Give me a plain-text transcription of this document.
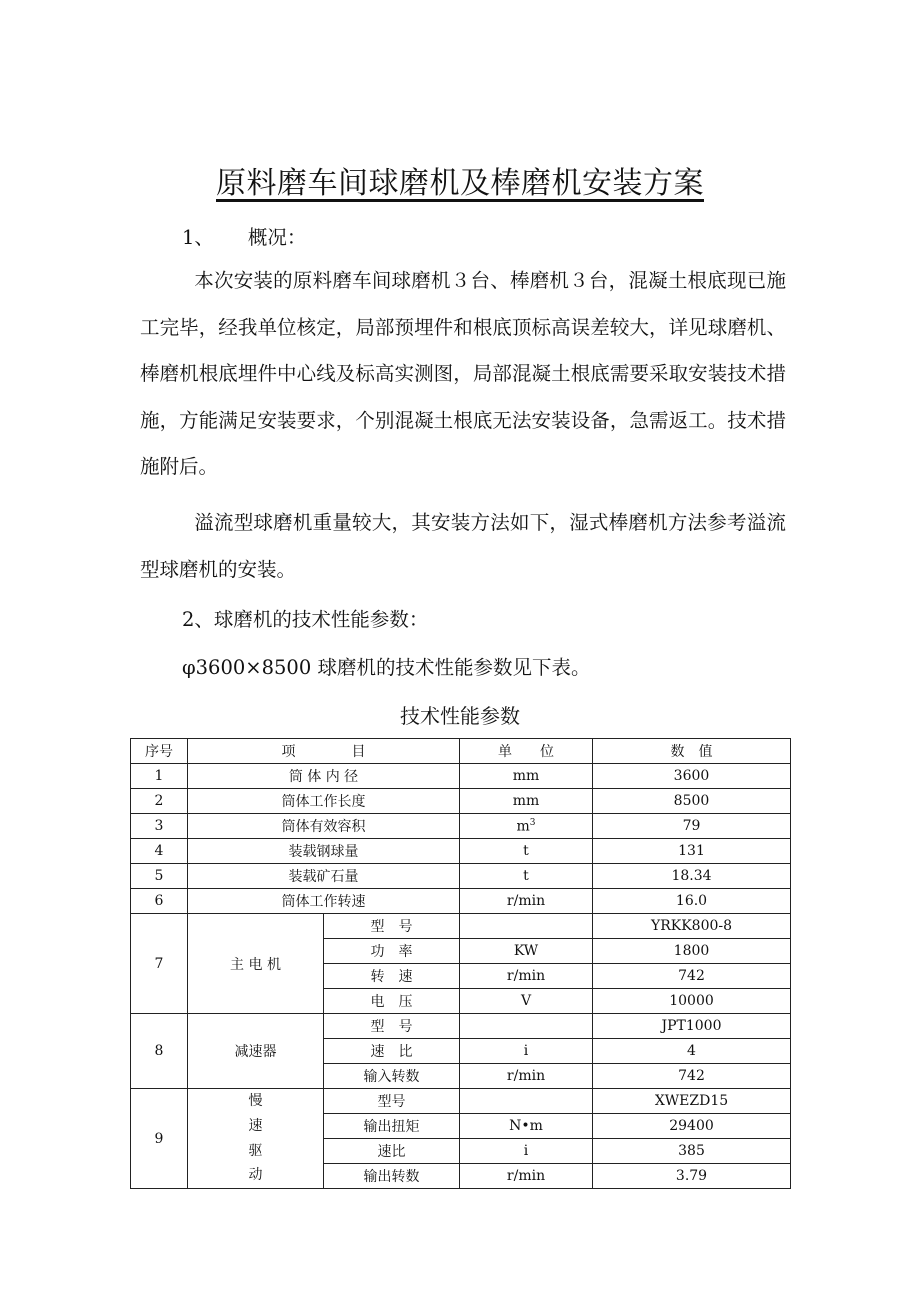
原料磨车间球磨机及棒磨机安装方案
1、 概况：
本次安装的原料磨车间球磨机３台、棒磨机３台，混凝土根底现已施工完毕，经我单位核定，局部预埋件和根底顶标高误差较大，详见球磨机、棒磨机根底埋件中心线及标高实测图，局部混凝土根底需要采取安装技术措施，方能满足安装要求，个别混凝土根底无法安装设备，急需返工。技术措施附后。
溢流型球磨机重量较大，其安装方法如下，湿式棒磨机方法参考溢流型球磨机的安装。
2、球磨机的技术性能参数：
φ3600×8500 球磨机的技术性能参数见下表。
技术性能参数
序号	项　　　　目		单　　位	数　值
1	筒 体 内 径		mm	3600
2	筒体工作长度		mm	8500
3	筒体有效容积		$m^3$	79
4	装载钢球量		t	131
5	装载矿石量		t	18.34
6	筒体工作转速		r/min	16.0
7	主 电 机	型　号		YRKK800-8
		功　率	KW	1800
		转　速	r/min	742
		电　压	V	10000
8	减速器	型　号		JPT1000
		速　比	i	4
		输入转数	r/min	742
9	慢
速
驱
动	型号		XWEZD15
		输出扭矩	N•m	29400
		速比	i	385
		输出转数	r/min	3.79
